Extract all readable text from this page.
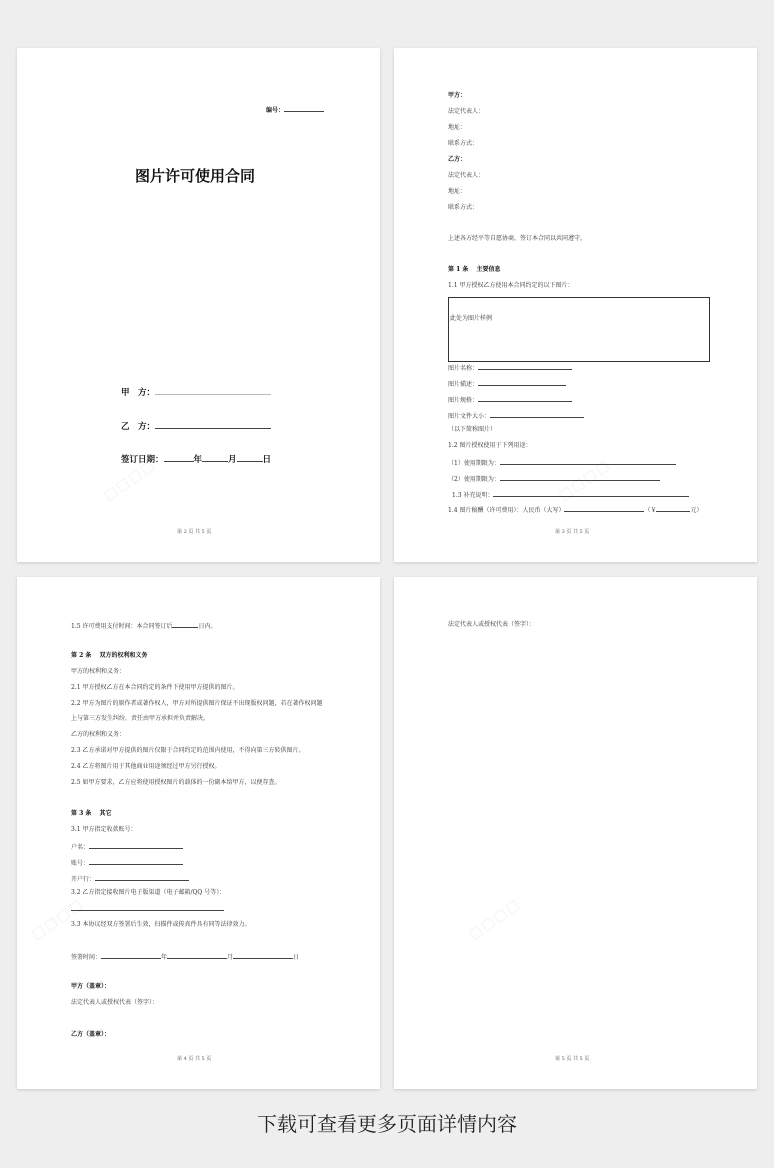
编号：
图片许可使用合同
甲　方：
乙　方：
签订日期：	年	月	日
第 2 页 共 5 页
甲方：
法定代表人：
地址：
联系方式：
乙方：
法定代表人：
地址：
联系方式：
上述各方经平等自愿协商，签订本合同以共同遵守。
第 1 条　 主要信息
1.1 甲方授权乙方使用本合同约定的以下图片：
此处为图片样例
图片名称：
图片描述：
图片规格：
图片文件大小：
（以下简称图片）
1.2 图片授权使用于下列用途：
（1）使用期限为：
（2）使用期限为：
1.3 补充说明：
1.4 图片稿酬（许可费用）：人民币（大写）	（￥	元）
第 3 页 共 5 页
1.5 许可费用支付时间：本合同签订后	日内。
第 2 条　 双方的权利和义务
甲方的权利和义务：
2.1 甲方授权乙方在本合同约定的条件下使用甲方提供的图片。
2.2 甲方为图片的原作者或著作权人，甲方对所提供图片保证不出现版权问题，若在著作权问题
上与第三方发生纠纷，责任由甲方承担并负责解决。
乙方的权利和义务：
2.3 乙方承诺对甲方提供的图片仅限于合同约定的范围内使用，不得向第三方转供图片。
2.4 乙方将图片用于其他商业用途须经过甲方另行授权。
2.5 如甲方要求，乙方应将使用授权图片的载体的一份副本给甲方，以便存查。
第 3 条　 其它
3.1 甲方指定收款账号：
户名：
账号：
开户行：
3.2 乙方指定接收图片电子版渠道（电子邮箱/QQ 号等）：
3.3 本协议经双方签署后生效，扫描件或传真件具有同等法律效力。
签署时间：	年	月	日
甲方（盖章）：
法定代表人或授权代表（签字）：
乙方（盖章）：
第 4 页 共 5 页
法定代表人或授权代表（签字）：
第 5 页 共 5 页
下载可查看更多页面详情内容
